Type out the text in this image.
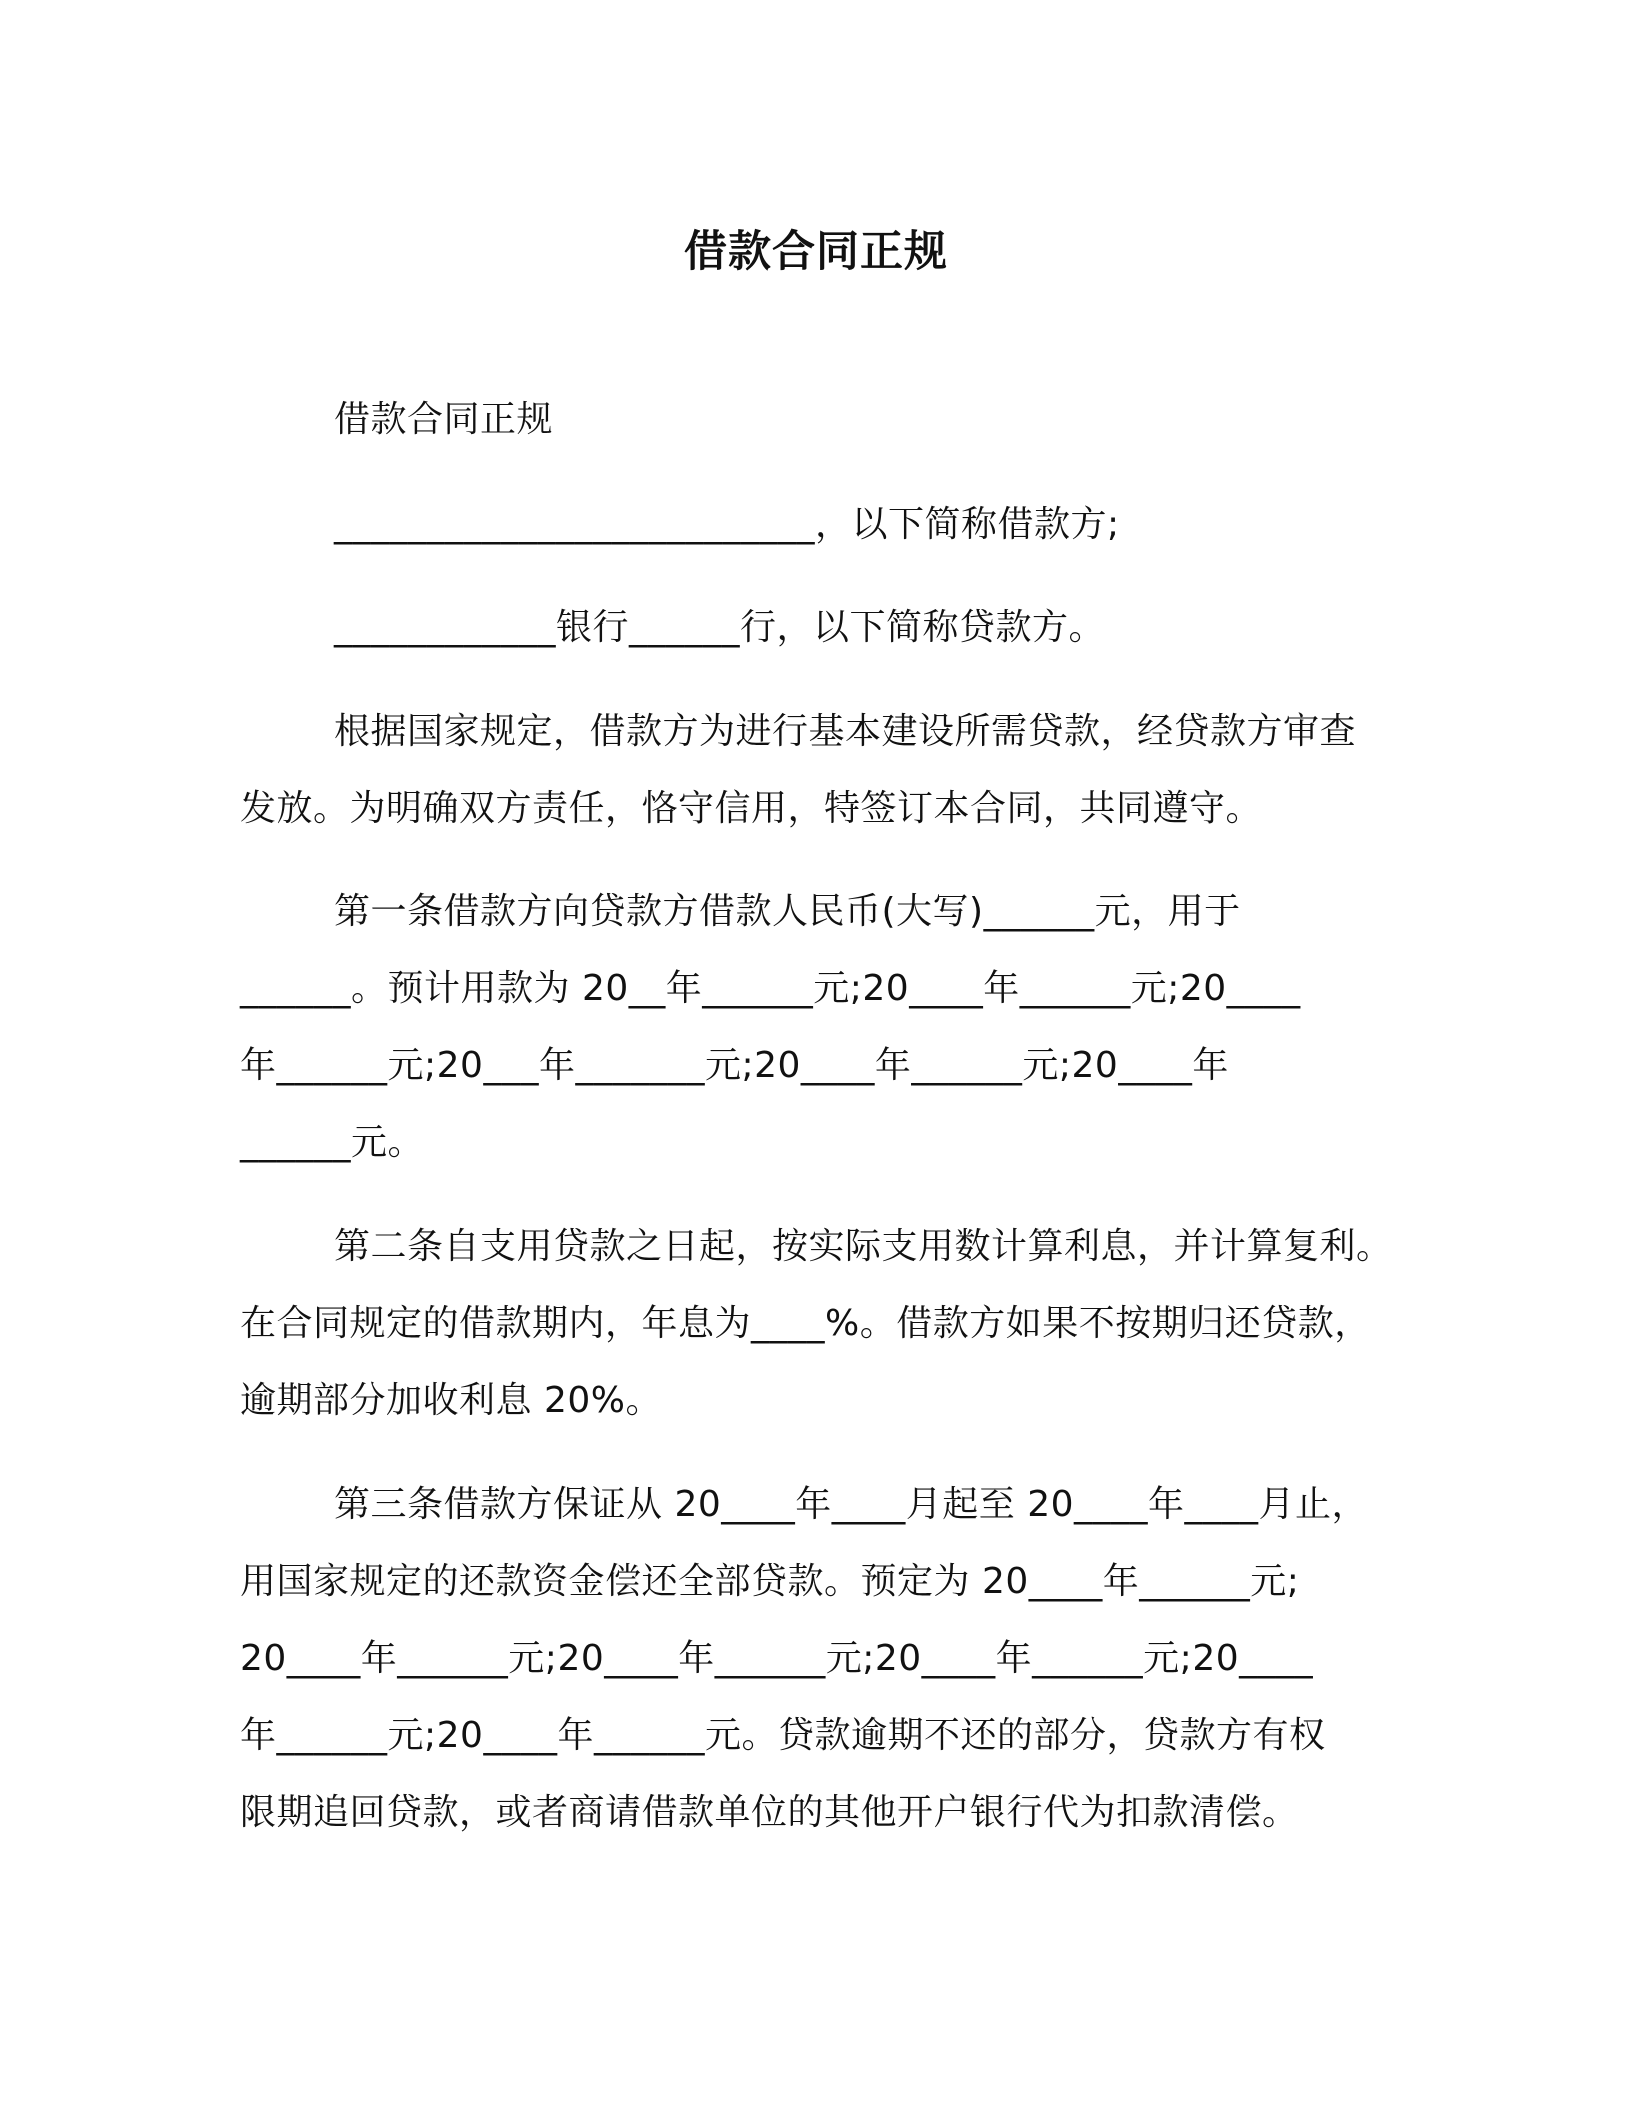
借款合同正规
借款合同正规
__________________________，以下简称借款方;
____________银行______行，以下简称贷款方。
根据国家规定，借款方为进行基本建设所需贷款，经贷款方审查
发放。为明确双方责任，恪守信用，特签订本合同，共同遵守。
第一条借款方向贷款方借款人民币(大写)______元，用于
______。预计用款为 20__年______元;20____年______元;20____
年______元;20___年_______元;20____年______元;20____年
______元。
第二条自支用贷款之日起，按实际支用数计算利息，并计算复利。
在合同规定的借款期内，年息为____%。借款方如果不按期归还贷款，
逾期部分加收利息 20%。
第三条借款方保证从 20____年____月起至 20____年____月止，
用国家规定的还款资金偿还全部贷款。预定为 20____年______元;
20____年______元;20____年______元;20____年______元;20____
年______元;20____年______元。贷款逾期不还的部分，贷款方有权
限期追回贷款，或者商请借款单位的其他开户银行代为扣款清偿。
